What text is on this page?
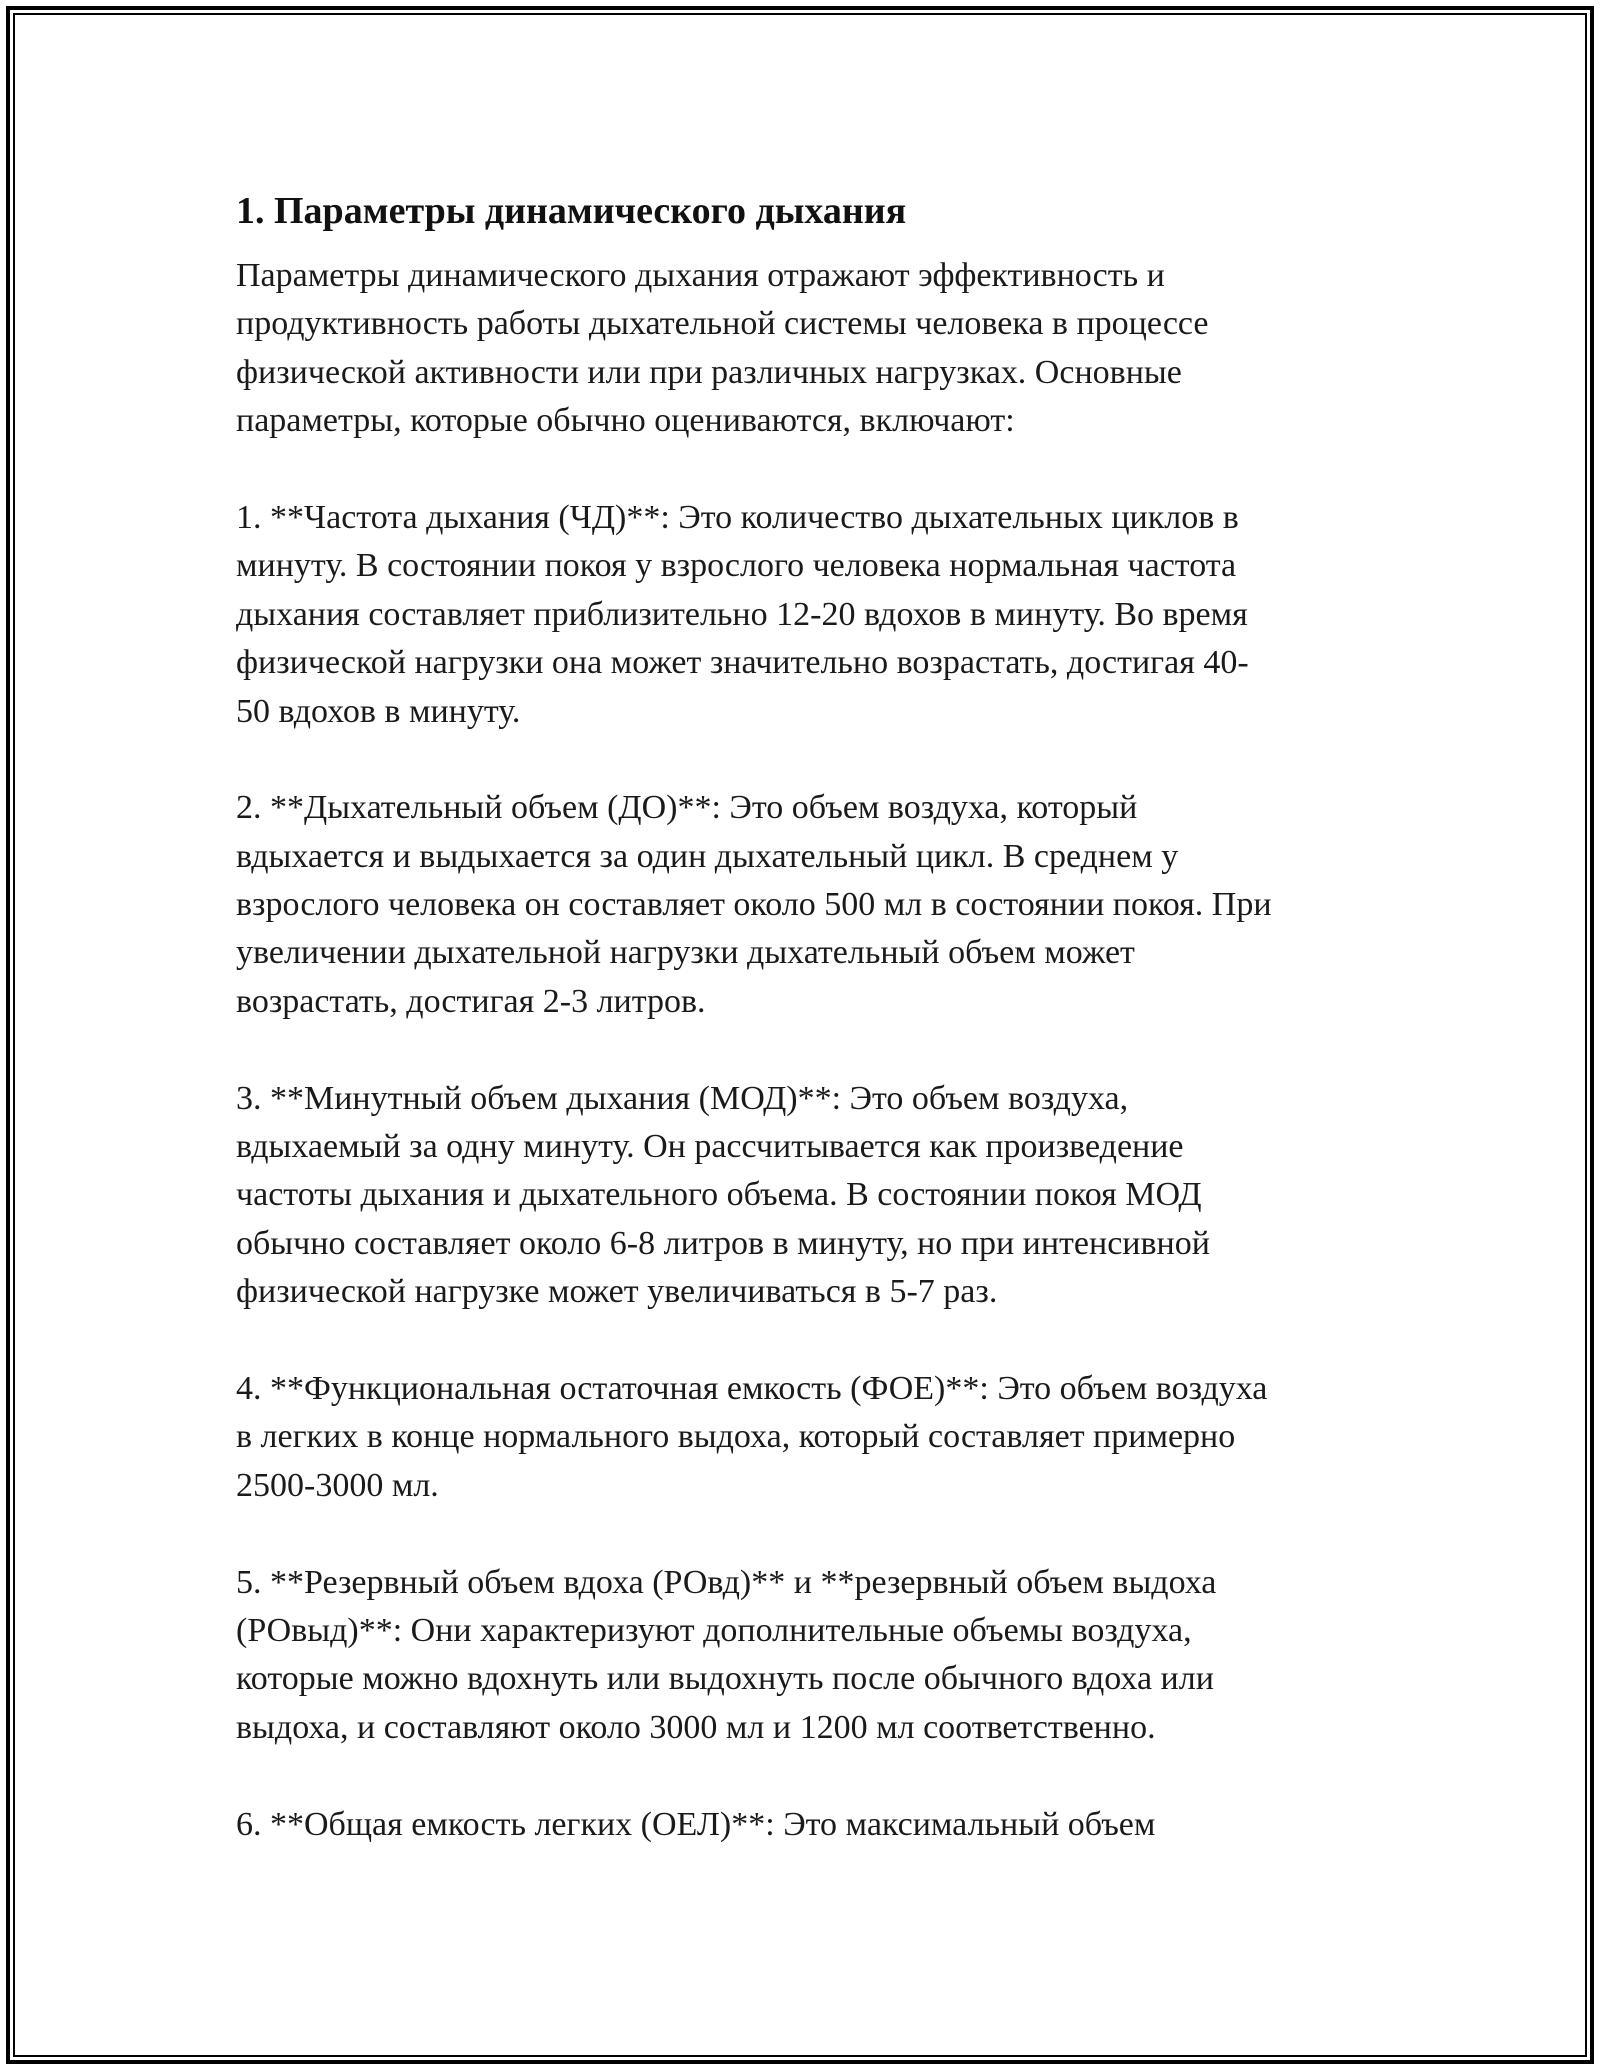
1. Параметры динамического дыхания

Параметры динамического дыхания отражают эффективность и
продуктивность работы дыхательной системы человека в процессе
физической активности или при различных нагрузках. Основные
параметры, которые обычно оцениваются, включают:

1. **Частота дыхания (ЧД)**: Это количество дыхательных циклов в
минуту. В состоянии покоя у взрослого человека нормальная частота
дыхания составляет приблизительно 12-20 вдохов в минуту. Во время
физической нагрузки она может значительно возрастать, достигая 40-
50 вдохов в минуту.

2. **Дыхательный объем (ДО)**: Это объем воздуха, который
вдыхается и выдыхается за один дыхательный цикл. В среднем у
взрослого человека он составляет около 500 мл в состоянии покоя. При
увеличении дыхательной нагрузки дыхательный объем может
возрастать, достигая 2-3 литров.

3. **Минутный объем дыхания (МОД)**: Это объем воздуха,
вдыхаемый за одну минуту. Он рассчитывается как произведение
частоты дыхания и дыхательного объема. В состоянии покоя МОД
обычно составляет около 6-8 литров в минуту, но при интенсивной
физической нагрузке может увеличиваться в 5-7 раз.

4. **Функциональная остаточная емкость (ФОЕ)**: Это объем воздуха
в легких в конце нормального выдоха, который составляет примерно
2500-3000 мл.

5. **Резервный объем вдоха (РОвд)** и **резервный объем выдоха
(РОвыд)**: Они характеризуют дополнительные объемы воздуха,
которые можно вдохнуть или выдохнуть после обычного вдоха или
выдоха, и составляют около 3000 мл и 1200 мл соответственно.

6. **Общая емкость легких (ОЕЛ)**: Это максимальный объем
